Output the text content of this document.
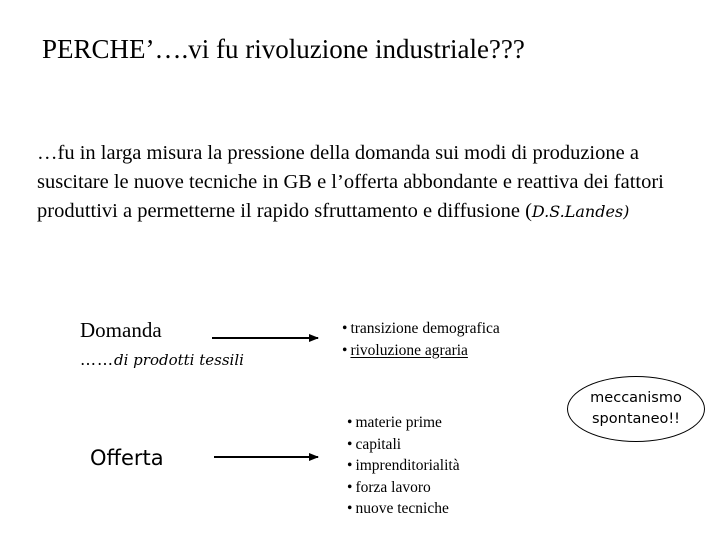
PERCHE’….vi fu rivoluzione industriale???
…fu in larga misura la pressione della domanda sui modi di produzione a suscitare le nuove tecniche in GB e l’offerta abbondante e reattiva dei fattori produttivi a permetterne il rapido sfruttamento e diffusione (D.S.Landes)
Domanda
……di prodotti tessili
Offerta
• transizione demografica
• rivoluzione agraria
• materie prime
• capitali
• imprenditorialità
• forza lavoro
• nuove tecniche
meccanismo
spontaneo!!
